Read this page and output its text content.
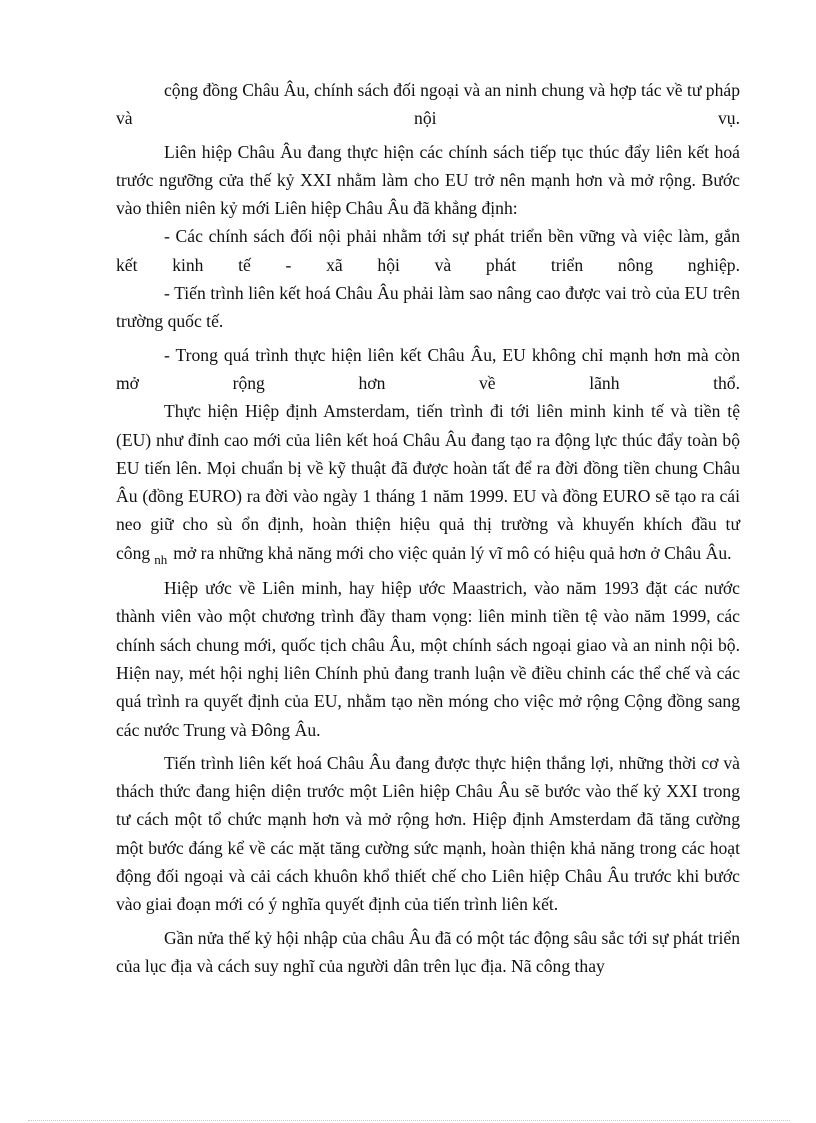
cộng đồng Châu Âu, chính sách đối ngoại và an ninh chung và hợp tác về tư pháp và nội vụ.

Liên hiệp Châu Âu đang thực hiện các chính sách tiếp tục thúc đẩy liên kết hoá trước ngưỡng cửa thế kỷ XXI nhằm làm cho EU trở nên mạnh hơn và mở rộng. Bước vào thiên niên kỷ mới Liên hiệp Châu Âu đã khẳng định:

- Các chính sách đối nội phải nhằm tới sự phát triển bền vững và việc làm, gắn kết kinh tế - xã hội và phát triển nông nghiệp.

- Tiến trình liên kết hoá Châu Âu phải làm sao nâng cao được vai trò của EU trên trường quốc tế.

- Trong quá trình thực hiện liên kết Châu Âu, EU không chỉ mạnh hơn mà còn mở rộng hơn về lãnh thổ.

Thực hiện Hiệp định Amsterdam, tiến trình đi tới liên minh kinh tế và tiền tệ (EU) như đỉnh cao mới của liên kết hoá Châu Âu đang tạo ra động lực thúc đẩy toàn bộ EU tiến lên. Mọi chuẩn bị về kỹ thuật đã được hoàn tất để ra đời đồng tiền chung Châu Âu (đồng EURO) ra đời vào ngày 1 tháng 1 năm 1999. EU và đồng EURO sẽ tạo ra cái neo giữ cho sù ổn định, hoàn thiện hiệu quả thị trường và khuyến khích đầu tư công $_{nh}$ mở ra những khả năng mới cho việc quản lý vĩ mô có hiệu quả hơn ở Châu Âu.

Hiệp ước về Liên minh, hay hiệp ước Maastrich, vào năm 1993 đặt các nước thành viên vào một chương trình đầy tham vọng: liên minh tiền tệ vào năm 1999, các chính sách chung mới, quốc tịch châu Âu, một chính sách ngoại giao và an ninh nội bộ. Hiện nay, mét hội nghị liên Chính phủ đang tranh luận về điều chỉnh các thể chế và các quá trình ra quyết định của EU, nhằm tạo nền móng cho việc mở rộng Cộng đồng sang các nước Trung và Đông Âu.

Tiến trình liên kết hoá Châu Âu đang được thực hiện thắng lợi, những thời cơ và thách thức đang hiện diện trước một Liên hiệp Châu Âu sẽ bước vào thế kỷ XXI trong tư cách một tổ chức mạnh hơn và mở rộng hơn. Hiệp định Amsterdam đã tăng cường một bước đáng kể về các mặt tăng cường sức mạnh, hoàn thiện khả năng trong các hoạt động đối ngoại và cải cách khuôn khổ thiết chế cho Liên hiệp Châu Âu trước khi bước vào giai đoạn mới có ý nghĩa quyết định của tiến trình liên kết.

Gần nửa thế kỷ hội nhập của châu Âu đã có một tác động sâu sắc tới sự phát triển của lục địa và cách suy nghĩ của người dân trên lục địa. Nã công thay
